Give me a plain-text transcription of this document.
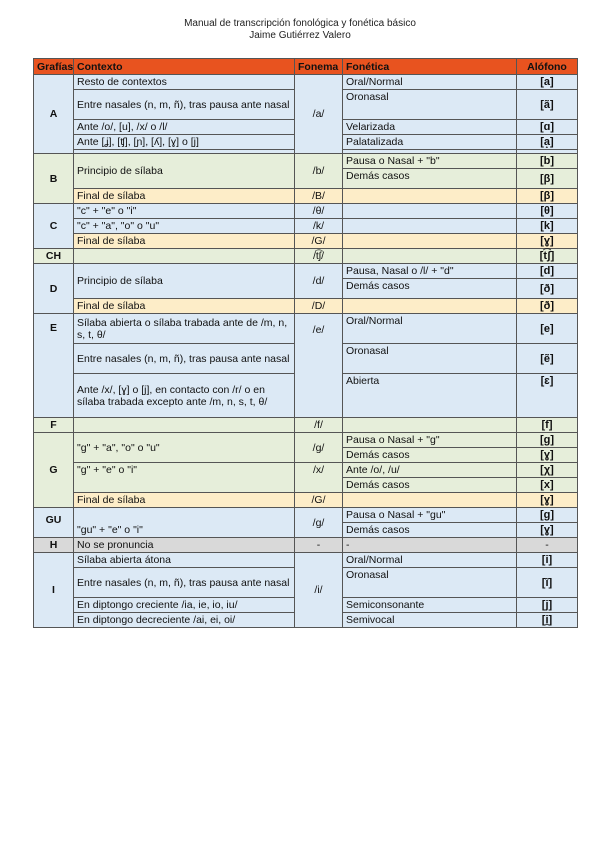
Manual de transcripción fonológica y fonética básico
Jaime Gutiérrez Valero
Grafías	Contexto	Fonema	Fonética	Alófono
A	Resto de contextos	/a/	Oral/Normal	[a]
	Entre nasales (n, m, ñ), tras pausa ante nasal		Oronasal	[ã]
	Ante /o/, [u], /x/ o /l/		Velarizada	[ɑ]
	Ante [ʝ], [ʧ], [ɲ], [ʎ], [ɣ] o [j]		Palatalizada	[a̟]

B	Principio de sílaba	/b/	Pausa o Nasal + "b"	[b]
			Demás casos	[β]
	Final de sílaba	/B/		[β]
C	"c" + "e" o "i"	/θ/		[θ]
	"c" + "a", "o" o "u"	/k/		[k]
	Final de sílaba	/G/		[ɣ]
CH		/t͡ʃ/		[t͡ʃ]
D	Principio de sílaba	/d/	Pausa, Nasal o /l/ + "d"	[d]
			Demás casos	[ð]
	Final de sílaba	/D/		[ð]
E	Sílaba abierta o sílaba trabada ante de /m, n, s, t, θ/	/e/	Oral/Normal	[e]
	Entre nasales (n, m, ñ), tras pausa ante nasal		Oronasal	[ẽ]
	Ante /x/, [ɣ] o [j], en contacto con /r/ o en sílaba trabada excepto ante /m, n, s, t, θ/		Abierta	[ɛ]
F		/f/		[f]
G	"g" + "a", "o" o "u"	/g/	Pausa o Nasal + "g"	[g]
			Demás casos	[ɣ]
	"g" + "e" o "i"	/x/	Ante /o/, /u/	[χ]
			Demás casos	[x]
	Final de sílaba	/G/		[ɣ]
GU	"gu" + "e" o "i"	/g/	Pausa o Nasal + "gu"	[g]
			Demás casos	[ɣ]
H	No se pronuncia	-	-	-
I	Sílaba abierta átona	/i/	Oral/Normal	[i]
	Entre nasales (n, m, ñ), tras pausa ante nasal		Oronasal	[ĩ]
	En diptongo creciente /ia, ie, io, iu/		Semiconsonante	[j]
	En diptongo decreciente /ai, ei, oi/		Semivocal	[i̯]
